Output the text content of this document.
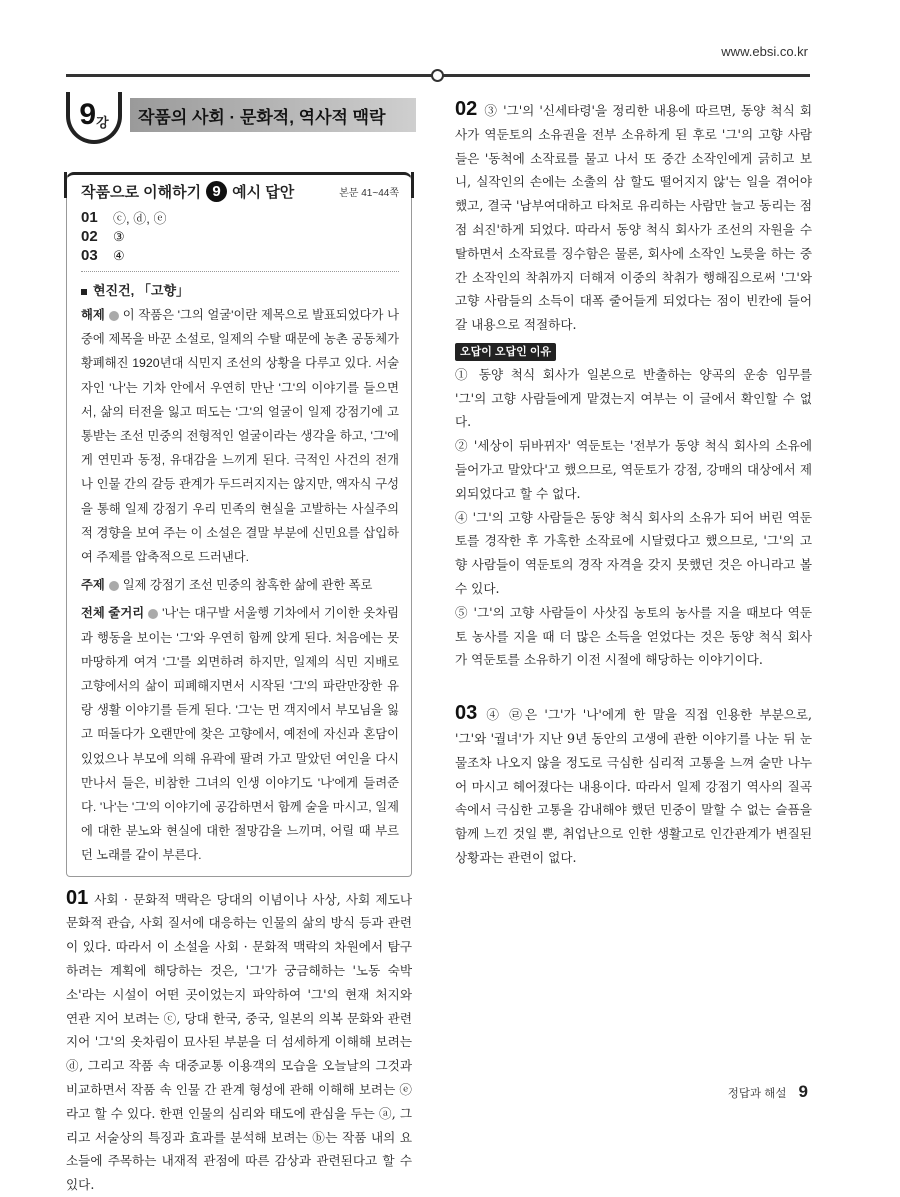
www.ebsi.co.kr
9 강 작품의 사회 · 문화적, 역사적 맥락
작품으로 이해하기 9 예시 답안	본문 41~44쪽
01	ⓒ, ⓓ, ⓔ
02	③
03	④
현진건, 「고향」
해제 이 작품은 '그의 얼굴'이란 제목으로 발표되었다가 나중에 제목을 바꾼 소설로, 일제의 수탈 때문에 농촌 공동체가 황폐해진 1920년대 식민지 조선의 상황을 다루고 있다. 서술자인 '나'는 기차 안에서 우연히 만난 '그'의 이야기를 들으면서, 삶의 터전을 잃고 떠도는 '그'의 얼굴이 일제 강점기에 고통받는 조선 민중의 전형적인 얼굴이라는 생각을 하고, '그'에게 연민과 동정, 유대감을 느끼게 된다. 극적인 사건의 전개나 인물 간의 갈등 관계가 두드러지지는 않지만, 액자식 구성을 통해 일제 강점기 우리 민족의 현실을 고발하는 사실주의적 경향을 보여 주는 이 소설은 결말 부분에 신민요를 삽입하여 주제를 압축적으로 드러낸다.
주제 일제 강점기 조선 민중의 참혹한 삶에 관한 폭로
전체 줄거리 '나'는 대구발 서울행 기차에서 기이한 옷차림과 행동을 보이는 '그'와 우연히 함께 앉게 된다. 처음에는 못마땅하게 여겨 '그'를 외면하려 하지만, 일제의 식민 지배로 고향에서의 삶이 피폐해지면서 시작된 '그'의 파란만장한 유랑 생활 이야기를 듣게 된다. '그'는 먼 객지에서 부모님을 잃고 떠돌다가 오랜만에 찾은 고향에서, 예전에 자신과 혼담이 있었으나 부모에 의해 유곽에 팔려 가고 말았던 여인을 다시 만나서 들은, 비참한 그녀의 인생 이야기도 '나'에게 들려준다. '나'는 '그'의 이야기에 공감하면서 함께 술을 마시고, 일제에 대한 분노와 현실에 대한 절망감을 느끼며, 어릴 때 부르던 노래를 같이 부른다.
01 사회 · 문화적 맥락은 당대의 이념이나 사상, 사회 제도나 문화적 관습, 사회 질서에 대응하는 인물의 삶의 방식 등과 관련이 있다. 따라서 이 소설을 사회 · 문화적 맥락의 차원에서 탐구하려는 계획에 해당하는 것은, '그'가 궁금해하는 '노동 숙박소'라는 시설이 어떤 곳이었는지 파악하여 '그'의 현재 처지와 연관 지어 보려는 ⓒ, 당대 한국, 중국, 일본의 의복 문화와 관련지어 '그'의 옷차림이 묘사된 부분을 더 섬세하게 이해해 보려는 ⓓ, 그리고 작품 속 대중교통 이용객의 모습을 오늘날의 그것과 비교하면서 작품 속 인물 간 관계 형성에 관해 이해해 보려는 ⓔ라고 할 수 있다. 한편 인물의 심리와 태도에 관심을 두는 ⓐ, 그리고 서술상의 특징과 효과를 분석해 보려는 ⓑ는 작품 내의 요소들에 주목하는 내재적 관점에 따른 감상과 관련된다고 할 수 있다.
02 ③ '그'의 '신세타령'을 정리한 내용에 따르면, 동양 척식 회사가 역둔토의 소유권을 전부 소유하게 된 후로 '그'의 고향 사람들은 '동척에 소작료를 물고 나서 또 중간 소작인에게 긁히고 보니, 실작인의 손에는 소출의 삼 할도 떨어지지 않'는 일을 겪어야 했고, 결국 '남부여대하고 타처로 유리하는 사람만 늘고 동리는 점점 쇠진'하게 되었다. 따라서 동양 척식 회사가 조선의 자원을 수탈하면서 소작료를 징수함은 물론, 회사에 소작인 노릇을 하는 중간 소작인의 착취까지 더해져 이중의 착취가 행해짐으로써 '그'와 고향 사람들의 소득이 대폭 줄어들게 되었다는 점이 빈칸에 들어갈 내용으로 적절하다.
오답이 오답인 이유
① 동양 척식 회사가 일본으로 반출하는 양곡의 운송 임무를 '그'의 고향 사람들에게 맡겼는지 여부는 이 글에서 확인할 수 없다.
② '세상이 뒤바뀌자' 역둔토는 '전부가 동양 척식 회사의 소유에 들어가고 말았다'고 했으므로, 역둔토가 강점, 강매의 대상에서 제외되었다고 할 수 없다.
④ '그'의 고향 사람들은 동양 척식 회사의 소유가 되어 버린 역둔토를 경작한 후 가혹한 소작료에 시달렸다고 했으므로, '그'의 고향 사람들이 역둔토의 경작 자격을 갖지 못했던 것은 아니라고 볼 수 있다.
⑤ '그'의 고향 사람들이 사삿집 농토의 농사를 지을 때보다 역둔토 농사를 지을 때 더 많은 소득을 얻었다는 것은 동양 척식 회사가 역둔토를 소유하기 이전 시절에 해당하는 이야기이다.
03 ④ ㉣은 '그'가 '나'에게 한 말을 직접 인용한 부분으로, '그'와 '궐녀'가 지난 9년 동안의 고생에 관한 이야기를 나눈 뒤 눈물조차 나오지 않을 정도로 극심한 심리적 고통을 느껴 술만 나누어 마시고 헤어졌다는 내용이다. 따라서 일제 강점기 역사의 질곡 속에서 극심한 고통을 감내해야 했던 민중이 말할 수 없는 슬픔을 함께 느낀 것일 뿐, 취업난으로 인한 생활고로 인간관계가 변질된 상황과는 관련이 없다.
정답과 해설 9
